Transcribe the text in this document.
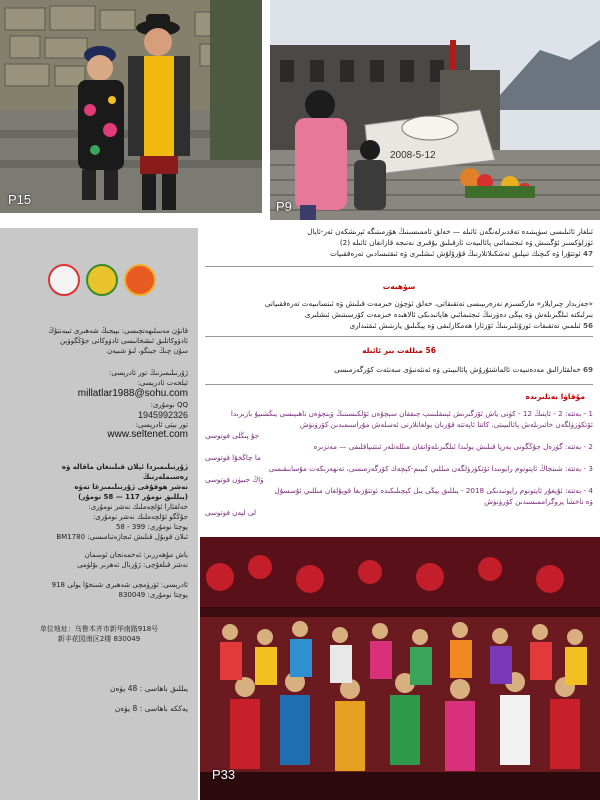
P15
2008-5-12
P9
قانۇن مەسلىھەتچىسى: بېيجىڭ شەھىرى تىيەنتۇڭ
ئادۋوكاتلىق ئىشخانىسى ئادۋوكاتى جۇڭگوۋېن
سۇن چىڭ جېنگو، لىۋ شىيەن
ژۇرنىلىمىزنىڭ تور ئادرېسى:
ئېلخەت ئادرېسى:
millatlar1988@sohu.com
QQ نومۇرى:
1945992326
تور بېتى ئادرېسى:
www.seltenet.com
ژۇرنىلىمىزدا ئېلان قىلىنغان ماقالە ۋە رەسىملەرنىڭ
نەشر ھوقۇقى ژۇرنىلىمىزغا تەۋە
(يىللىق نومۇر 117 — 58 نومۇر)
خەلقئارا ئۆلچەملىك نەشر نومۇرى:
جۇڭگو ئۆلچەملىك نەشر نومۇرى:
پوچتا نومۇرى: 399 - 58
ئىلان قوبۇل قىلىش ئىجازەتنامىسى: BM1780
باش مۇھەررىر: ئەخمەتجان ئوسمان
نەشر قىلغۇچى: ژۇرنال تەھرىر بۆلۈمى
ئادرېسى: ئۈرۈمچى شەھىرى شىنخۇا يولى 918
پوچتا نومۇرى: 830049
单位地址：乌鲁木齐市新华南路918号
新丰花园南区2楼 830049
يىللىق باھاسى : 48 يۈەن
يەككە باھاسى : 8 يۈەن
ئىلغار ئائىلىسى سۈپىتىدە تەقدىرلەنگەن ئائىلە — خەلق ئاممىسىنىڭ ھۆرمىتىگە ئېرىشكەن ئەر-ئايال
ئۈزلۈكسىز ئۆگىنىش ۋە ئىجتىمائىي پائالىيەت ئارقىلىق يۇقىرى نەتىجە قازانغان ئائىلە (2)
47 ئوتتۇرا ۋە كىچىك تىپلىق تەشكىلاتلارنىڭ قۇرۇلۇش ئىشلىرى ۋە ئىقتىسادىي تەرەققىيات
سۆھبەت
«جەزبدار چىرايلار» ماركسىزم نەزەرىيىسى تەتقىقاتى، خەلق ئۈچۈن خىزمەت قىلىش ۋە ئىنسانىيەت تەرەققىياتى
بىرلىكتە ئىلگىرىلەش ۋە يېڭى دەۋرنىڭ ئىجتىمائىي ھاياتىدىكى ئالاھىدە خىزمەت كۆرسىتىش ئىشلىرى
56 ئىلمىي تەتقىقات ئورۇنلىرىنىڭ ئۆزئارا ھەمكارلىقى ۋە يېڭىلىق يارىتىش ئىقتىدارى
56 مىللەت بىر ئائىلە
69 خەلقئارالىق مەدەنىيەت ئالماشتۇرۇش پائالىيىتى ۋە ئەنئەنىۋى سەنئەت كۆرگەزمىسى
مۇقاۋا بەتلىرىدە
1 - بەتتە: 2 - ئاينىڭ 12 - كۈنى ياش ئۆزگىرىش ئېنىقلىنىپ چىققان سېچۇەن ئۆلكىسىنىڭ ۋېنچۈەن ناھىيىسى يىڭشىيۇ بازىرىدا
ئۆتكۈزۈلگەن خاتىرىلەش پائالىيىتى. كاتتا ئاپەتتە قۇربان بولغانلارنى ئەسلەش مۇراسىمىدىن كۆرۈنۈش
جۇ پىڭلى فوتوسى
2 - بەتتە: گۈزەل جۇڭگونى بەرپا قىلىش يولىدا ئىلگىرىلەۋاتقان مىللەتلەر ئىتتىپاقلىقى — مەنزىرە
ما چاڭخۇا فوتوسى
3 - بەتتە: شىنجاڭ ئاپتونوم رايونىدا ئۆتكۈزۈلگەن مىللىي كىيىم-كېچەك كۆرگەزمىسى، تەنھەرىكەت مۇسابىقىسى
ۋاڭ جىيۈن فوتوسى
4 - بەتتە: ئۇيغۇر ئاپتونوم رايونىدىكى 2018 - يىللىق يېڭى يىل كېچىلىكىدە ئوتتۇرىغا قويۇلغان مىللىي ئۇسسۇل
ۋە ناخشا پروگراممىسىدىن كۆرۈنۈش
لى ليەن فوتوسى
P33
